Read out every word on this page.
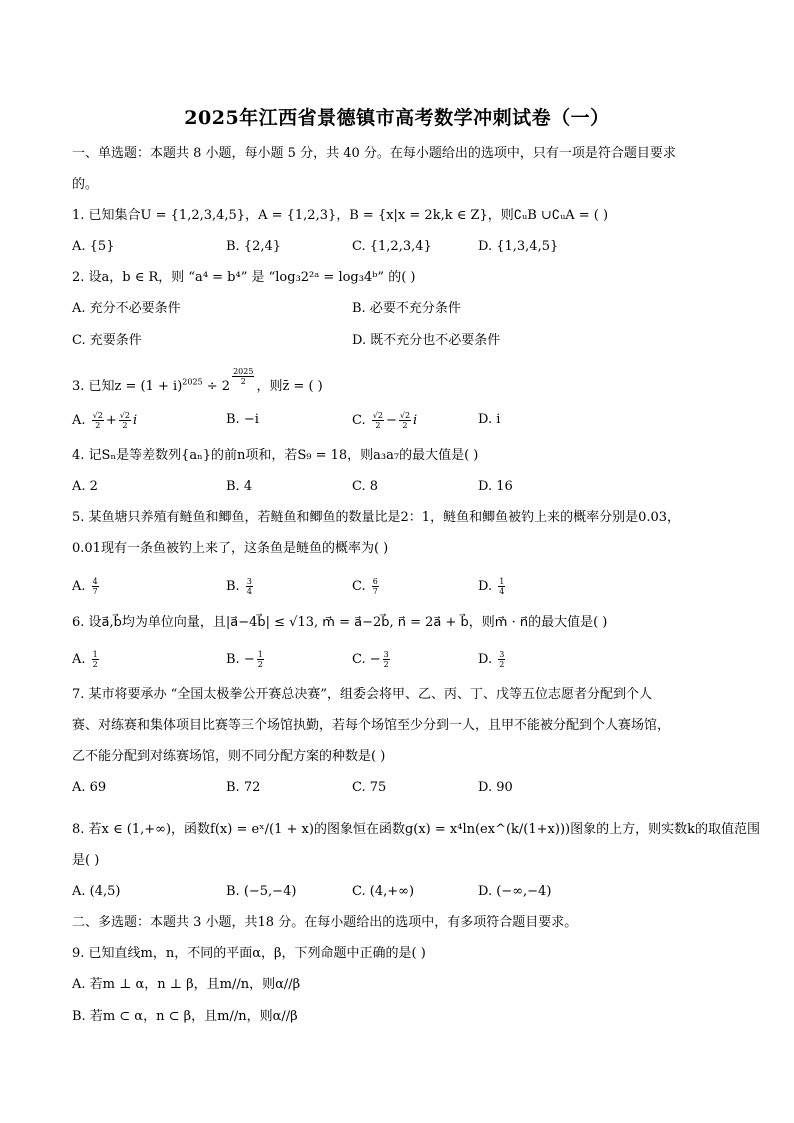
2025年江西省景德镇市高考数学冲刺试卷（一）
一、单选题：本题共 8 小题，每小题 5 分，共 40 分。在每小题给出的选项中，只有一项是符合题目要求
的。
1. 已知集合U = {1,2,3,4,5}，A = {1,2,3}，B = {x|x = 2k,k ∈ Z}，则∁ᵤB ∪∁ᵤA = ( )
A. {5}	B. {2,4}	C. {1,2,3,4}	D. {1,3,4,5}
2. 设a，b ∈ R，则 “a⁴ = b⁴” 是 “log₃2²ᵃ = log₃4ᵇ” 的( )
A. 充分不必要条件	B. 必要不充分条件
C. 充要条件	D. 既不充分也不必要条件
3. 已知$z = (1 + i)^{2025} \div 2$
$^{\frac{2025}{2}}$
，则z̄ = ( )
A. $\frac{√2}{2} + \frac{√2}{2}$ i	B. −i	C. $\frac{√2}{2} - \frac{√2}{2}$ i	D. i
4. 记Sₙ是等差数列{aₙ}的前n项和，若S₉ = 18，则a₃a₇的最大值是( )
A. 2	B. 4	C. 8	D. 16
5. 某鱼塘只养殖有鲢鱼和鲫鱼，若鲢鱼和鲫鱼的数量比是2：1，鲢鱼和鲫鱼被钓上来的概率分别是0.03，
0.01现有一条鱼被钓上来了，这条鱼是鲢鱼的概率为( )
A. $\frac{4}{7}$	B. $\frac{3}{4}$	C. $\frac{6}{7}$	D. $\frac{1}{4}$
6. 设a⃗,b⃗均为单位向量，且|a⃗−4b⃗| ≤ √13, m⃗ = a⃗−2b⃗, n⃗ = 2a⃗ + b⃗，则m⃗ · n⃗的最大值是( )
A. $\frac{1}{2}$	B. − $\frac{1}{2}$	C. − $\frac{3}{2}$	D. $\frac{3}{2}$
7. 某市将要承办 “全国太极拳公开赛总决赛”，组委会将甲、乙、丙、丁、戊等五位志愿者分配到个人
赛、对练赛和集体项目比赛等三个场馆执勤，若每个场馆至少分到一人，且甲不能被分配到个人赛场馆，
乙不能分配到对练赛场馆，则不同分配方案的种数是( )
A. 69	B. 72	C. 75	D. 90
8. 若x ∈ (1,+∞)，函数f(x) = eˣ/(1 + x)的图象恒在函数g(x) = x⁴ln(ex^(k/(1+x)))图象的上方，则实数k的取值范围
是( )
A. (4,5)	B. (−5,−4)	C. (4,+∞)	D. (−∞,−4)
二、多选题：本题共 3 小题，共18 分。在每小题给出的选项中，有多项符合题目要求。
9. 已知直线m，n，不同的平面α，β，下列命题中正确的是( )
A. 若m ⊥ α，n ⊥ β，且m//n，则α//β
B. 若m ⊂ α，n ⊂ β，且m//n，则α//β
